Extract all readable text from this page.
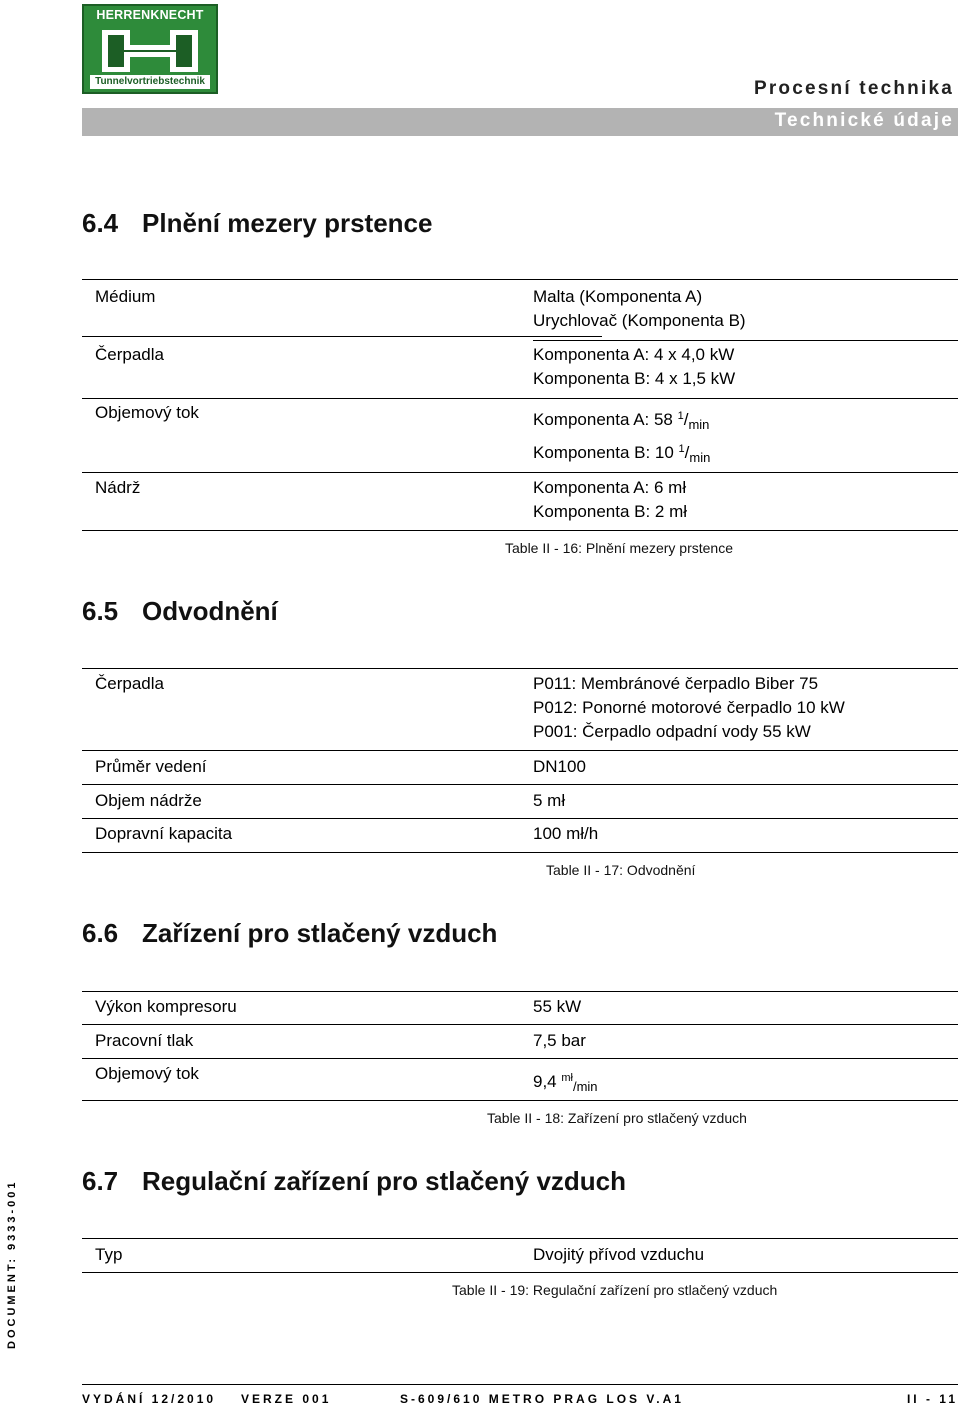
HERRENKNECHT
Tunnelvortriebstechnik	Procesní technika
Technické údaje
6.4 Plnění mezery prstence
Médium	Malta (Komponenta A)
Urychlovač (Komponenta B)
Čerpadla	Komponenta A: 4 x 4,0 kW
Komponenta B: 4 x 1,5 kW
Objemový tok	Komponenta A: 58 $^1/_{min}$
Komponenta B: 10 $^1/_{min}$
Nádrž	Komponenta A: 6 mł
Komponenta B: 2 mł
Table II - 16: Plnění mezery prstence
6.5 Odvodnění
Čerpadla	P011: Membránové čerpadlo Biber 75
P012: Ponorné motorové čerpadlo 10 kW
P001: Čerpadlo odpadní vody 55 kW
Průměr vedení	DN100
Objem nádrže	5 mł
Dopravní kapacita	100 mł/h
Table II - 17: Odvodnění
6.6 Zařízení pro stlačený vzduch
Výkon kompresoru	55 kW
Pracovní tlak	7,5 bar
Objemový tok	9,4 $^{mł}_{/min}$
Table II - 18: Zařízení pro stlačený vzduch
6.7 Regulační zařízení pro stlačený vzduch
Typ	Dvojitý přívod vzduchu
Table II - 19: Regulační zařízení pro stlačený vzduch
DOCUMENT: 9333-001
VYDÁNÍ 12/2010 VERZE 001	S-609/610 METRO PRAG LOS V.A1	II - 11
